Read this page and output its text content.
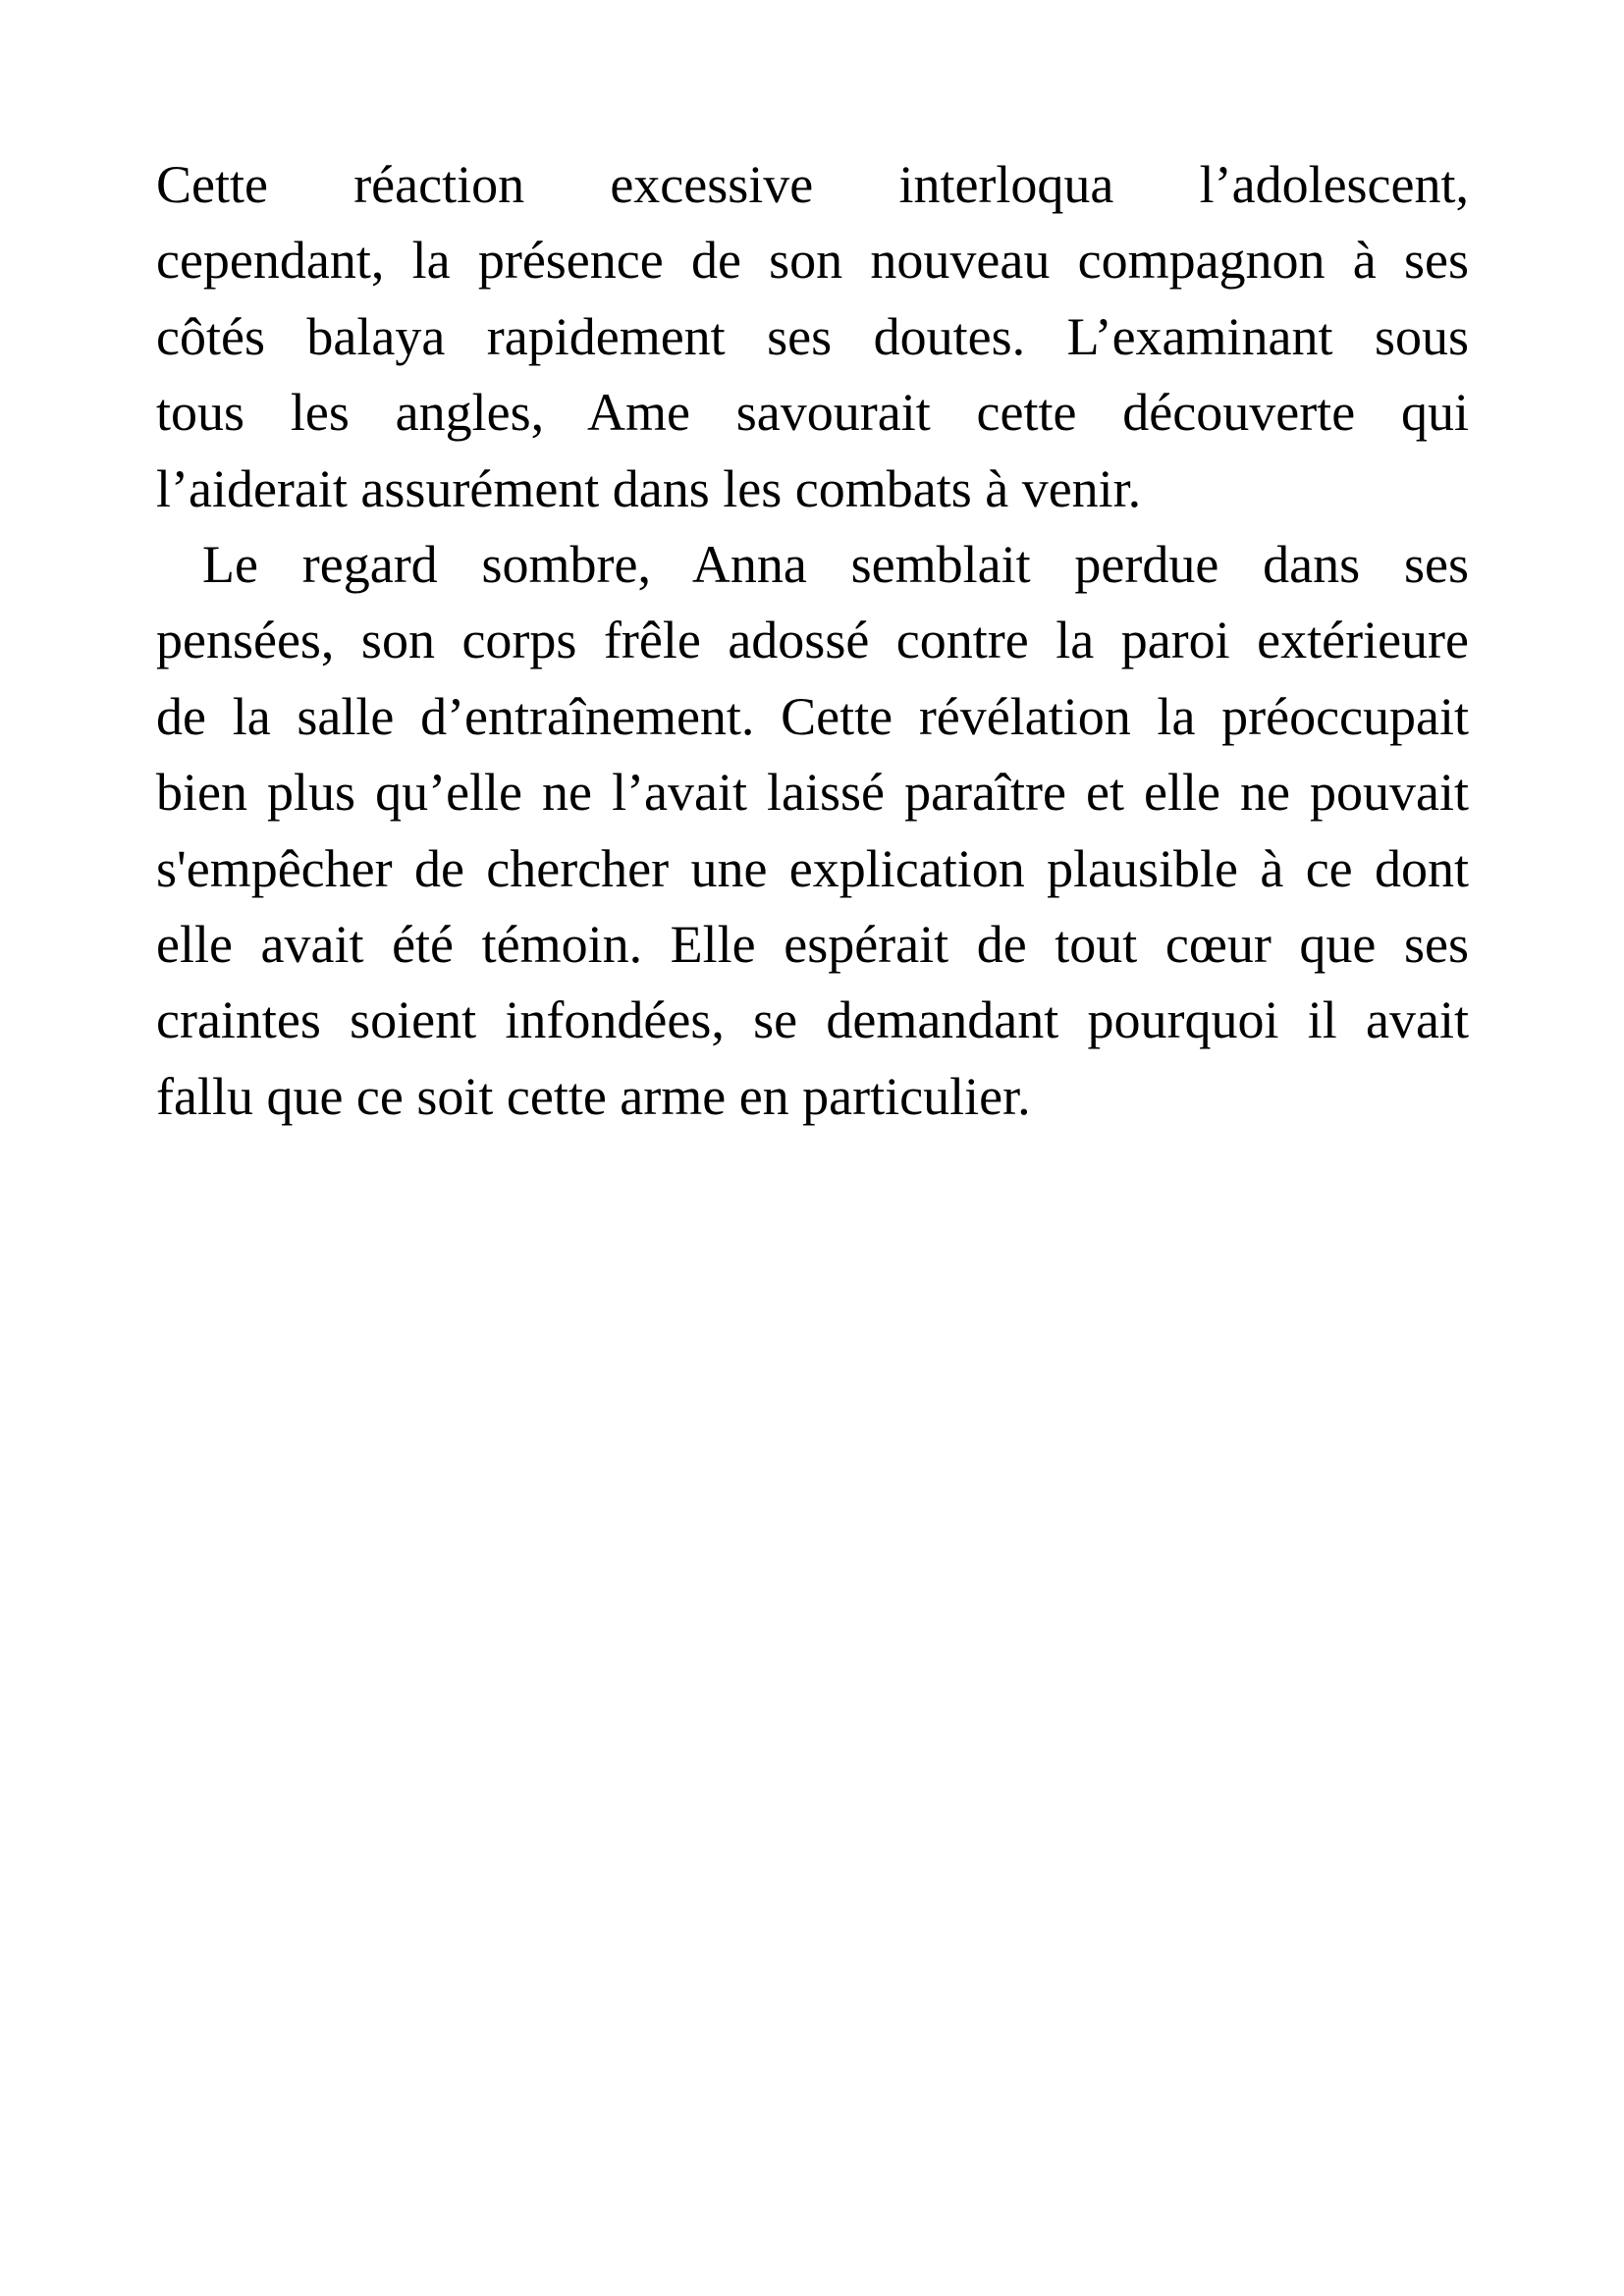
Cette réaction excessive interloqua l’adolescent,
cependant, la présence de son nouveau compagnon à ses
côtés balaya rapidement ses doutes. L’examinant sous
tous les angles, Ame savourait cette découverte qui
l’aiderait assurément dans les combats à venir.
Le regard sombre, Anna semblait perdue dans ses
pensées, son corps frêle adossé contre la paroi extérieure
de la salle d’entraînement. Cette révélation la préoccupait
bien plus qu’elle ne l’avait laissé paraître et elle ne pouvait
s'empêcher de chercher une explication plausible à ce dont
elle avait été témoin. Elle espérait de tout cœur que ses
craintes soient infondées, se demandant pourquoi il avait
fallu que ce soit cette arme en particulier.
